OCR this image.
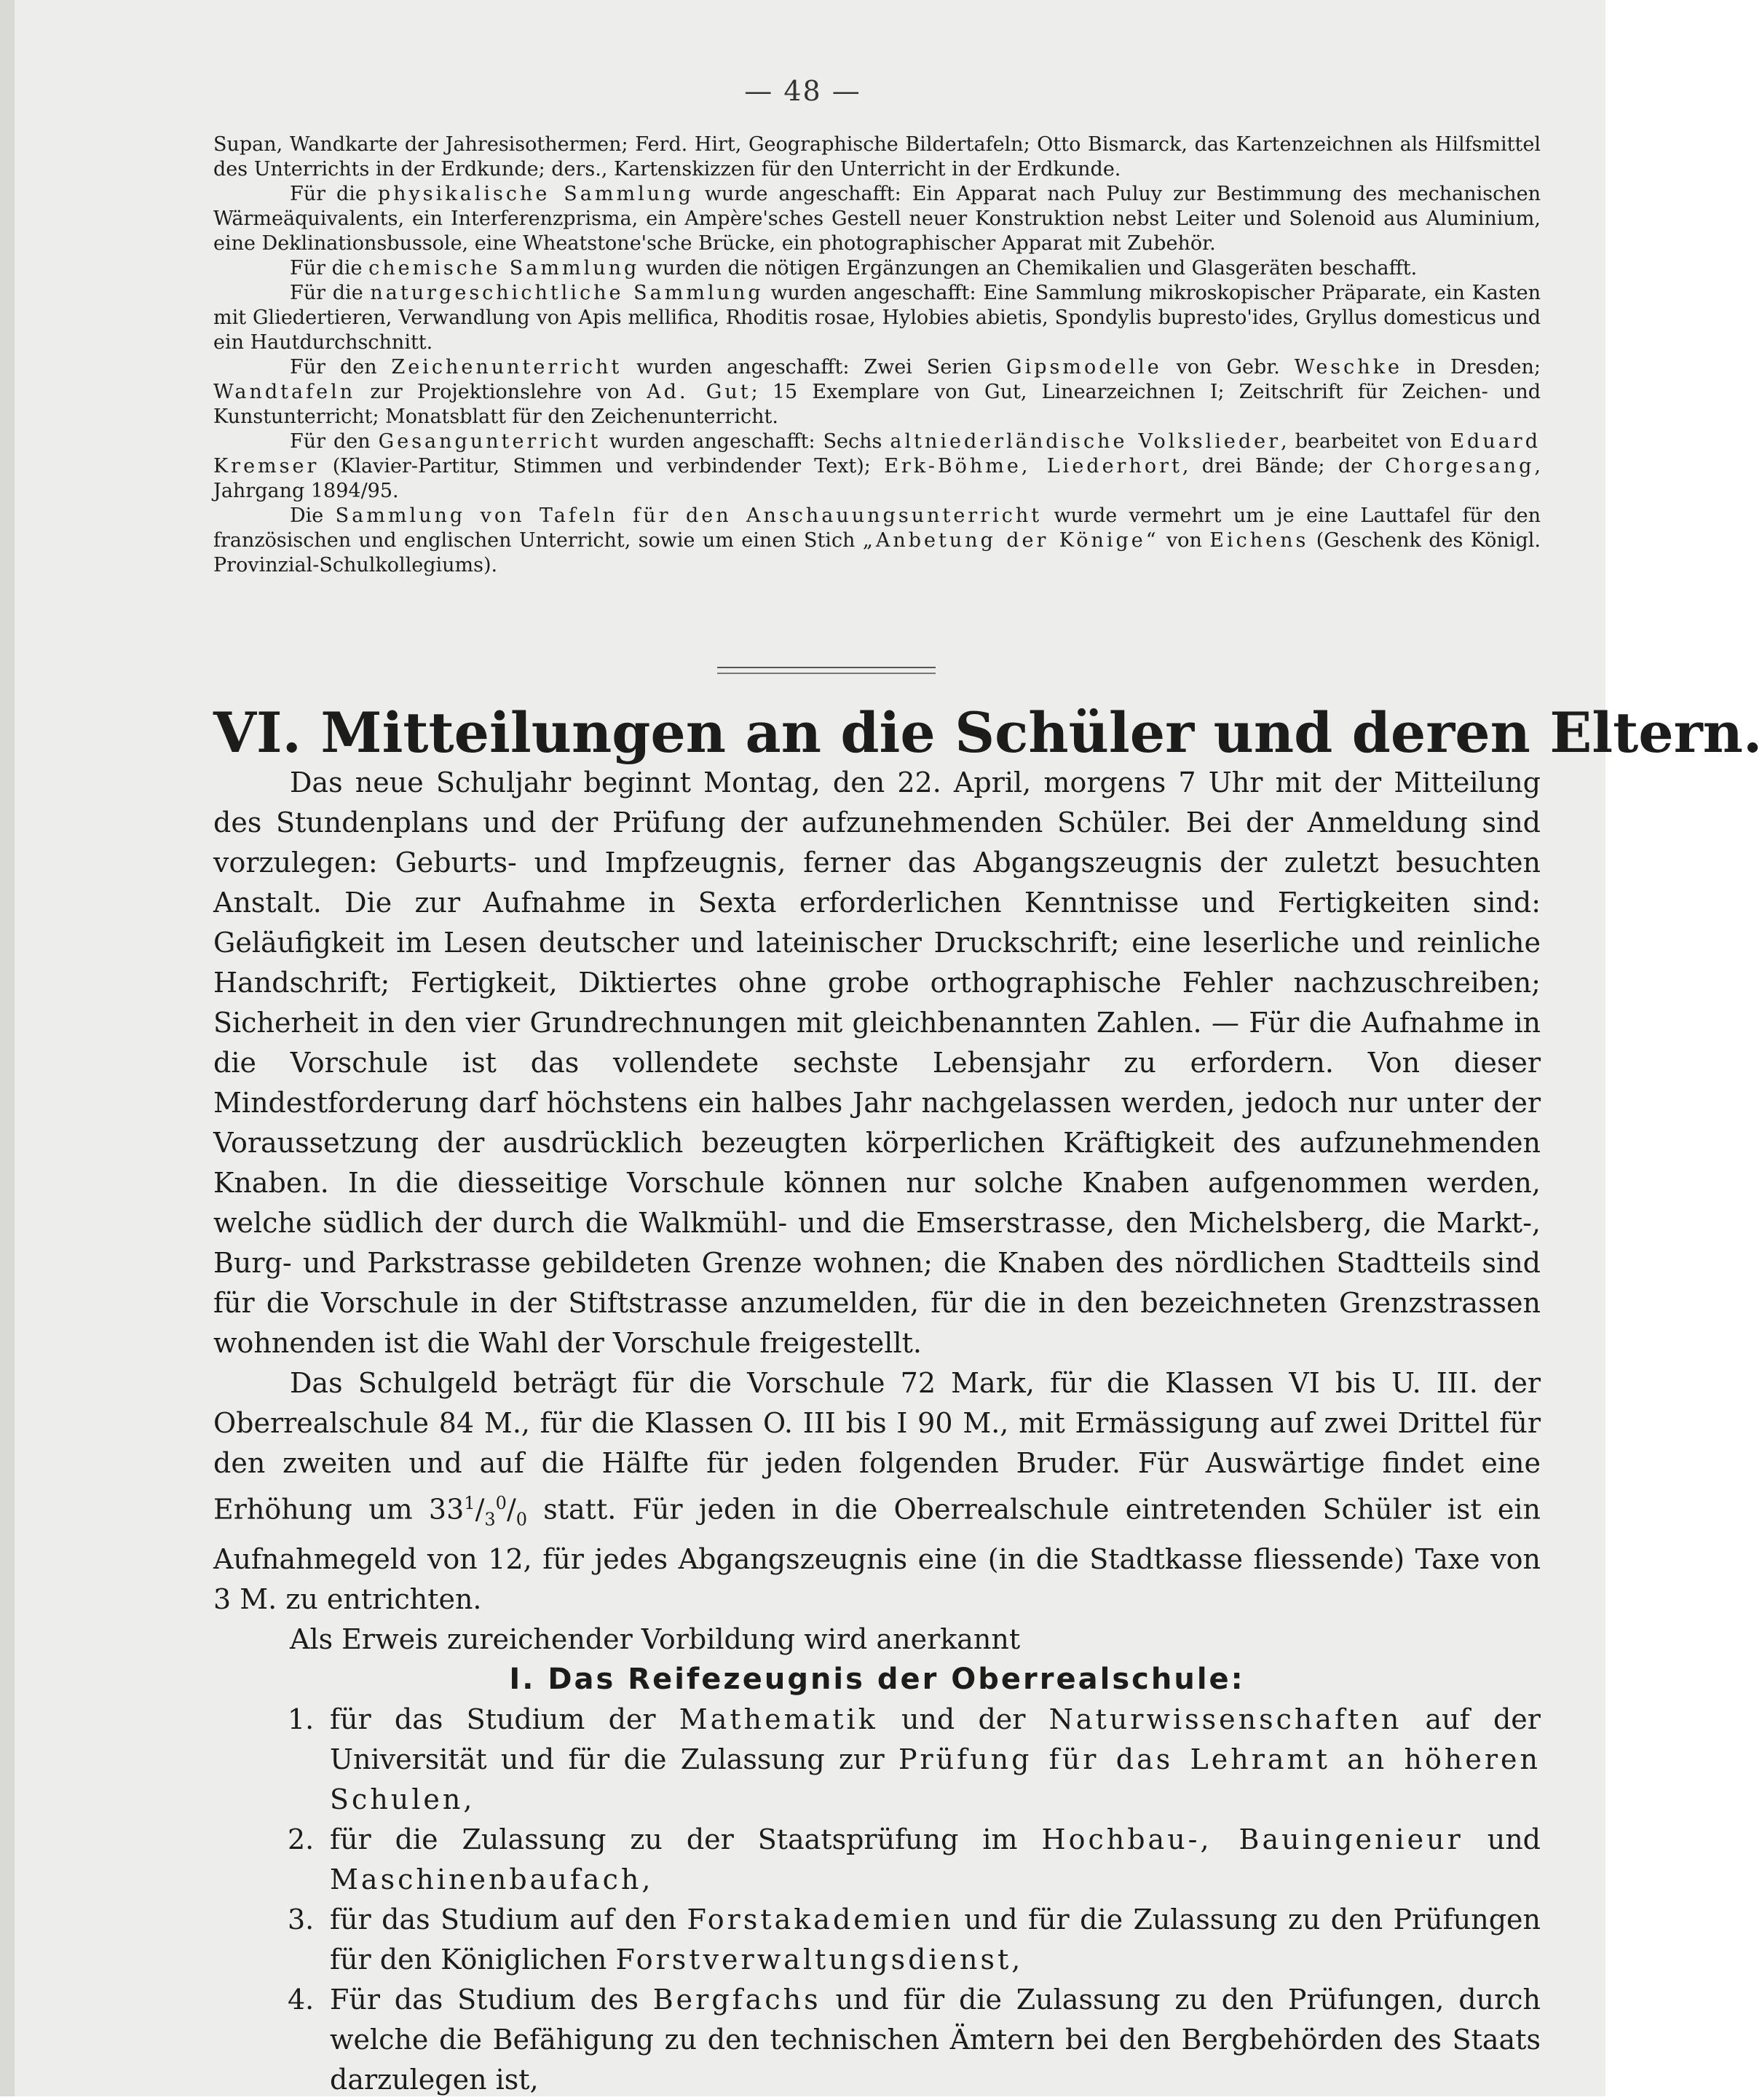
— 48 —

Supan, Wandkarte der Jahresisothermen; Ferd. Hirt, Geographische Bildertafeln; Otto Bismarck, das Kartenzeichnen als Hilfsmittel des Unterrichts in der Erdkunde; ders., Kartenskizzen für den Unterricht in der Erdkunde.

Für die physikalische Sammlung wurde angeschafft: Ein Apparat nach Puluy zur Bestimmung des mechanischen Wärmeäquivalents, ein Interferenzprisma, ein Ampère'sches Gestell neuer Konstruktion nebst Leiter und Solenoid aus Aluminium, eine Deklinationsbussole, eine Wheatstone'sche Brücke, ein photographischer Apparat mit Zubehör.

Für die chemische Sammlung wurden die nötigen Ergänzungen an Chemikalien und Glasgeräten beschafft.

Für die naturgeschichtliche Sammlung wurden angeschafft: Eine Sammlung mikroskopischer Präparate, ein Kasten mit Gliedertieren, Verwandlung von Apis mellifica, Rhoditis rosae, Hylobies abietis, Spondylis bupresto'ides, Gryllus domesticus und ein Hautdurchschnitt.

Für den Zeichenunterricht wurden angeschafft: Zwei Serien Gipsmodelle von Gebr. Weschke in Dresden; Wandtafeln zur Projektionslehre von Ad. Gut; 15 Exemplare von Gut, Linearzeichnen I; Zeitschrift für Zeichen- und Kunstunterricht; Monatsblatt für den Zeichenunterricht.

Für den Gesangunterricht wurden angeschafft: Sechs altniederländische Volkslieder, bearbeitet von Eduard Kremser (Klavier-Partitur, Stimmen und verbindender Text); Erk-Böhme, Liederhort, drei Bände; der Chorgesang, Jahrgang 1894/95.

Die Sammlung von Tafeln für den Anschauungsunterricht wurde vermehrt um je eine Lauttafel für den französischen und englischen Unterricht, sowie um einen Stich „Anbetung der Könige“ von Eichens (Geschenk des Königl. Provinzial-Schulkollegiums).

VI. Mitteilungen an die Schüler und deren Eltern.

Das neue Schuljahr beginnt Montag, den 22. April, morgens 7 Uhr mit der Mitteilung des Stundenplans und der Prüfung der aufzunehmenden Schüler. Bei der Anmeldung sind vorzulegen: Geburts- und Impfzeugnis, ferner das Abgangszeugnis der zuletzt besuchten Anstalt. Die zur Aufnahme in Sexta erforderlichen Kenntnisse und Fertigkeiten sind: Geläufigkeit im Lesen deutscher und lateinischer Druckschrift; eine leserliche und reinliche Handschrift; Fertigkeit, Diktiertes ohne grobe orthographische Fehler nachzuschreiben; Sicherheit in den vier Grundrechnungen mit gleichbenannten Zahlen. — Für die Aufnahme in die Vorschule ist das vollendete sechste Lebensjahr zu erfordern. Von dieser Mindestforderung darf höchstens ein halbes Jahr nachgelassen werden, jedoch nur unter der Voraussetzung der ausdrücklich bezeugten körperlichen Kräftigkeit des aufzunehmenden Knaben. In die diesseitige Vorschule können nur solche Knaben aufgenommen werden, welche südlich der durch die Walkmühl- und die Emserstrasse, den Michelsberg, die Markt-, Burg- und Parkstrasse gebildeten Grenze wohnen; die Knaben des nördlichen Stadtteils sind für die Vorschule in der Stiftstrasse anzumelden, für die in den bezeichneten Grenzstrassen wohnenden ist die Wahl der Vorschule freigestellt.

Das Schulgeld beträgt für die Vorschule 72 Mark, für die Klassen VI bis U. III. der Oberrealschule 84 M., für die Klassen O. III bis I 90 M., mit Ermässigung auf zwei Drittel für den zweiten und auf die Hälfte für jeden folgenden Bruder. Für Auswärtige findet eine Erhöhung um $33^1/_3^0/_0$ statt. Für jeden in die Oberrealschule eintretenden Schüler ist ein Aufnahmegeld von 12, für jedes Abgangszeugnis eine (in die Stadtkasse fliessende) Taxe von 3 M. zu entrichten.

Als Erweis zureichender Vorbildung wird anerkannt

I. Das Reifezeugnis der Oberrealschule:

1. für das Studium der Mathematik und der Naturwissenschaften auf der Universität und für die Zulassung zur Prüfung für das Lehramt an höheren Schulen,
2. für die Zulassung zu der Staatsprüfung im Hochbau-, Bauingenieur und Maschinenbaufach,
3. für das Studium auf den Forstakademien und für die Zulassung zu den Prüfungen für den Königlichen Forstverwaltungsdienst,
4. Für das Studium des Bergfachs und für die Zulassung zu den Prüfungen, durch welche die Befähigung zu den technischen Ämtern bei den Bergbehörden des Staats darzulegen ist,
